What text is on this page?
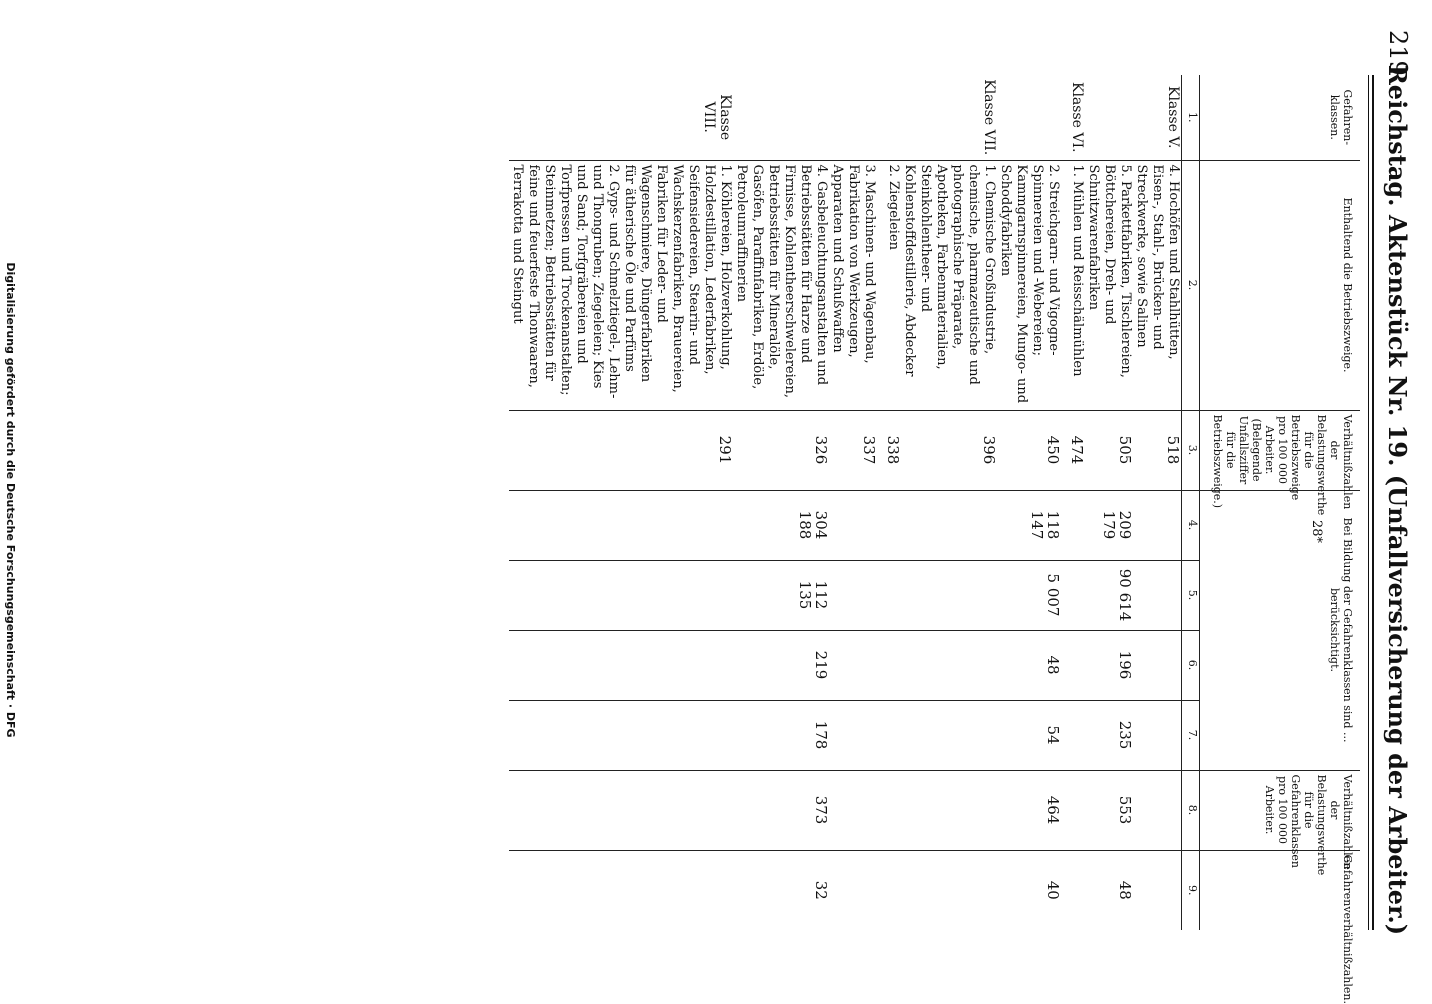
219
Reichstag. Aktenstück Nr. 19. (Unfallversicherung der Arbeiter.)
Gefahren-klassen.	Enthaltend die Betriebszweige.	Verhältnißzahlen der Belastungswerthe für die Betriebszweige pro 100 000 Arbeiter. (Belegende Unfallsziffer für die Betriebszweige.)	Bei Bildung der Gefahrenklassen sind ... berücksichtigt.				Verhältnißzahlen der Belastungswerthe für die Gefahrenklassen pro 100 000 Arbeiter.	Gefahrenverhältnißzahlen.
1.	2.	3.	4.	5.	6.	7.	8.	9.
Klasse V.	4. Hochöfen und Stahlhütten, Eisen-, Stahl-, Brücken- und Streckwerke, sowie Salinen	518						
	5. Parkettfabriken, Tischlereien, Böttchereien, Dreh- und Schnitzwarenfabriken	505	209 179	90 614	196	235	553	48
Klasse VI.	1. Mühlen und Reisschälmühlen	474						
	2. Streichgarn- und Vigogne-Spinnereien und -Webereien; Kammgarnspinnereien, Mungo- und Schoddyfabriken	450	118 147	5 007	48	54	464	40
Klasse VII.	1. Chemische Großindustrie, chemische, pharmazeutische und photographische Präparate, Apotheken, Farbenmaterialien, Steinkohlentheer- und Kohlenstoffdestillerie, Abdecker	396						
	2. Ziegeleien	338						
	3. Maschinen- und Wagenbau, Fabrikation von Werkzeugen, Apparaten und Schußwaffen	337						
	4. Gasbeleuchtungsanstalten und Betriebsstätten für Harze und Firnisse, Kohlentheerschwelereien, Betriebsstätten für Mineralöle, Gasöfen, Paraffinfabriken, Erdöle, Petroleumraffinerien	326	304 188	112 135	219	178	373	32
Klasse VIII.	1. Köhlereien, Holzverkohlung, Holzdestillation, Lederfabriken, Seifensiedereien, Stearin- und Wachskerzenfabriken, Brauereien, Fabriken für Leder- und Wagenschmiere, Düngerfabriken für ätherische Öle und Parfüms	291						
	2. Gyps- und Schmelztiegel-, Lehm- und Thongruben; Ziegeleien; Kies und Sand; Torfgräbereien und Torfpressen und Trockenanstalten; Steinmetzen; Betriebsstätten für feine und feuerfeste Thonwaaren, Terrakotta und Steingut							
28*
Digitalisierung gefördert durch die Deutsche Forschungsgemeinschaft · DFG
